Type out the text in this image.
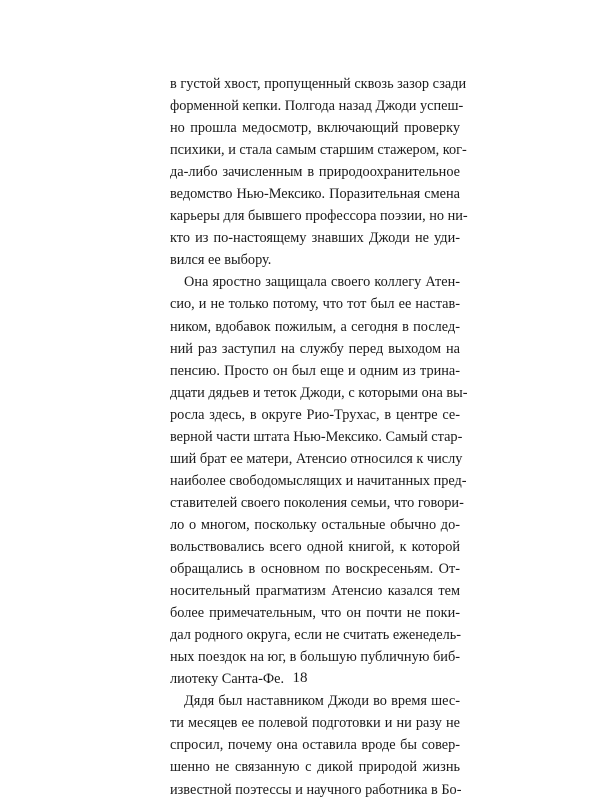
в густой хвост, пропущенный сквозь зазор сзади
форменной кепки. Полгода назад Джоди успеш-
но прошла медосмотр, включающий проверку
психики, и стала самым старшим стажером, ког-
да-либо зачисленным в природоохранительное
ведомство Нью-Мексико. Поразительная смена
карьеры для бывшего профессора поэзии, но ни-
кто из по-настоящему знавших Джоди не уди-
вился ее выбору.
Она яростно защищала своего коллегу Атен-
сио, и не только потому, что тот был ее настав-
ником, вдобавок пожилым, а сегодня в послед-
ний раз заступил на службу перед выходом на
пенсию. Просто он был еще и одним из трина-
дцати дядьев и теток Джоди, с которыми она вы-
росла здесь, в округе Рио-Трухас, в центре се-
верной части штата Нью-Мексико. Самый стар-
ший брат ее матери, Атенсио относился к числу
наиболее свободомыслящих и начитанных пред-
ставителей своего поколения семьи, что говори-
ло о многом, поскольку остальные обычно до-
вольствовались всего одной книгой, к которой
обращались в основном по воскресеньям. От-
носительный прагматизм Атенсио казался тем
более примечательным, что он почти не поки-
дал родного округа, если не считать еженедель-
ных поездок на юг, в большую публичную биб-
лиотеку Санта-Фе.
Дядя был наставником Джоди во время шес-
ти месяцев ее полевой подготовки и ни разу не
спросил, почему она оставила вроде бы совер-
шенно не связанную с дикой природой жизнь
известной поэтессы и научного работника в Бо-
18
